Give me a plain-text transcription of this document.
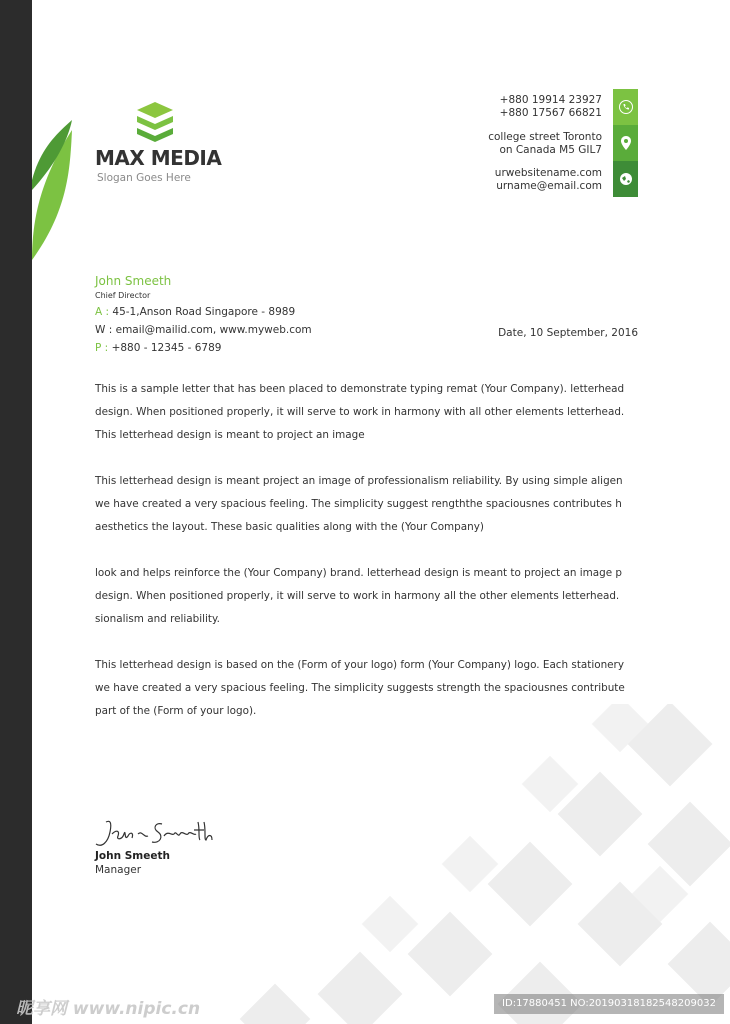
MAX MEDIA
Slogan Goes Here
+880 19914 23927
+880 17567 66821
college street Toronto
on Canada M5 GIL7
urwebsitename.com
urname@email.com
John Smeeth
Chief Director
A : 45-1,Anson Road Singapore - 8989
W : email@mailid.com, www.myweb.com
P : +880 - 12345 - 6789
Date, 10 September, 2016

This is a sample letter that has been placed to demonstrate typing remat (Your Company). letterhead
design. When positioned properly, it will serve to work in harmony with all other elements letterhead.
This letterhead design is meant to project an image

This letterhead design is meant project an image of professionalism reliability. By using simple aligen
we have created a very spacious feeling. The simplicity suggest rengththe spaciousnes contributes h
aesthetics the layout. These basic qualities along with the (Your Company)

look and helps reinforce the (Your Company) brand. letterhead design is meant to project an image p
design. When positioned properly, it will serve to work in harmony all the other elements letterhead.
sionalism and reliability.

This letterhead design is based on the (Form of your logo) form (Your Company) logo. Each stationery
we have created a very spacious feeling. The simplicity suggests strength the spaciousnes contribute
part of the (Form of your logo).

John Smeeth
Manager
昵享网 www.nipic.cn	ID:17880451 NO:20190318182548209032
